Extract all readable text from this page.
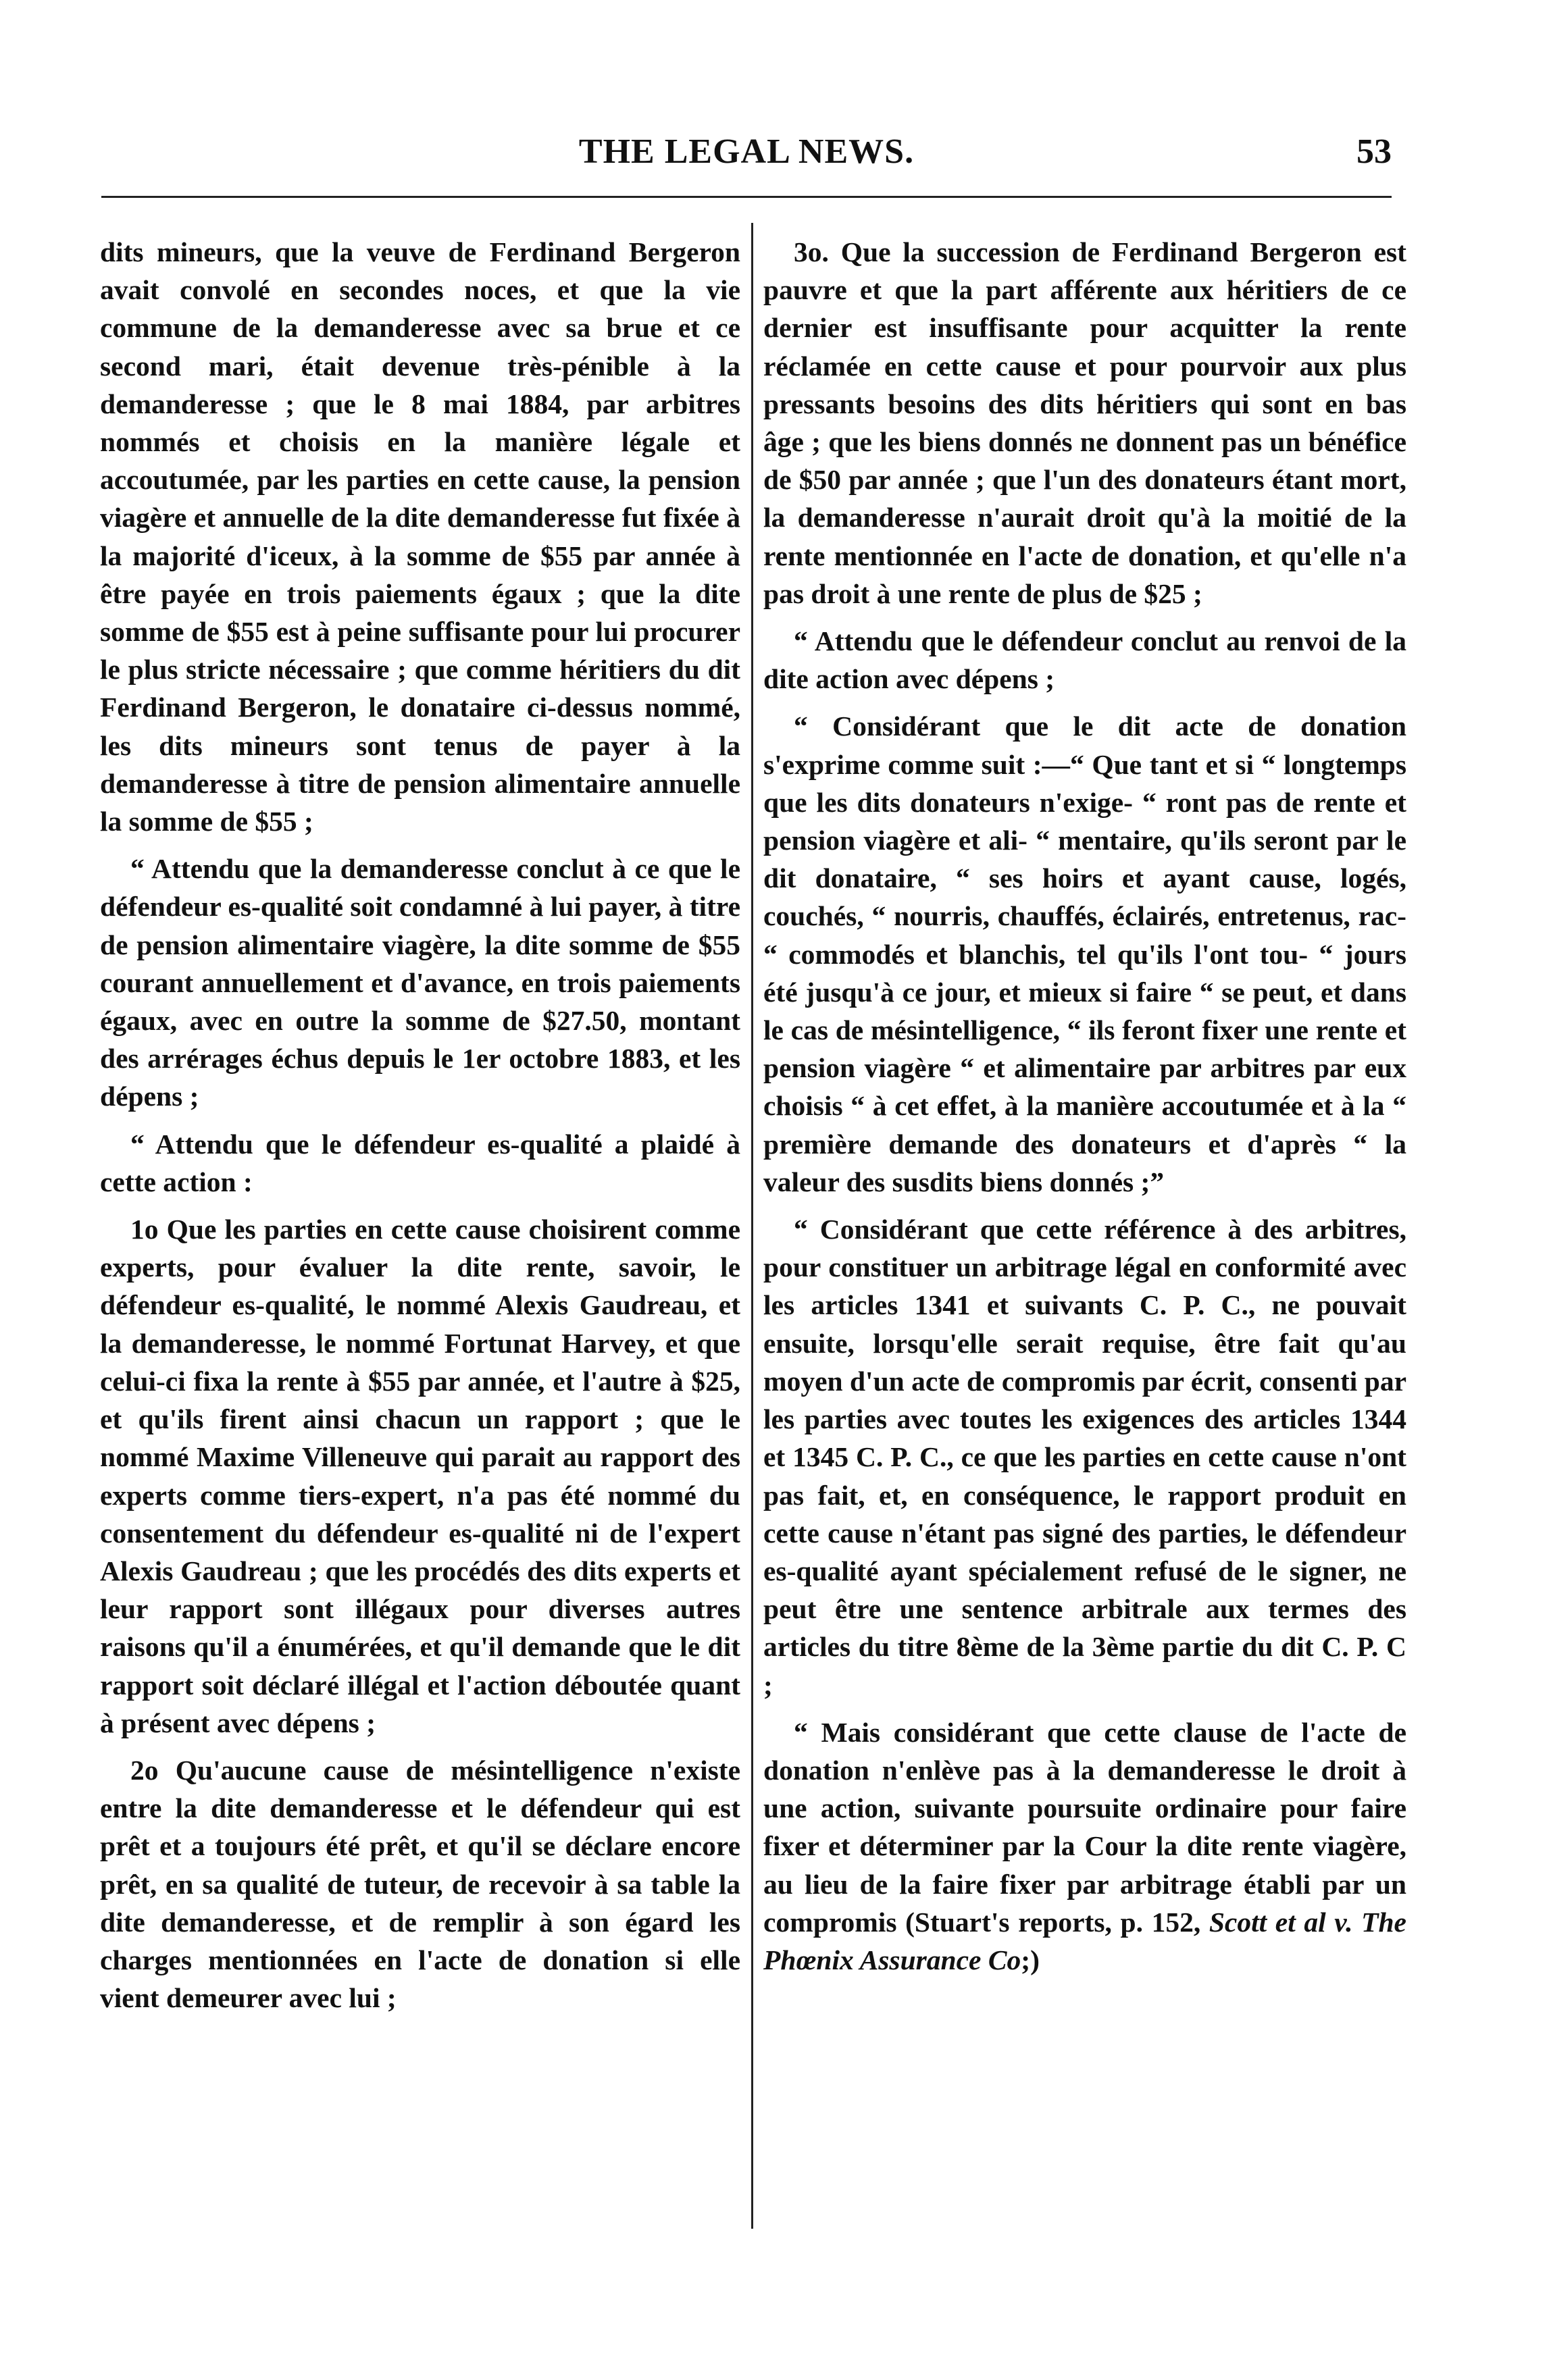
THE LEGAL NEWS.	53

dits mineurs, que la veuve de Ferdinand Bergeron avait convolé en secondes noces, et que la vie commune de la demanderesse avec sa brue et ce second mari, était devenue très-pénible à la demanderesse ; que le 8 mai 1884, par arbitres nommés et choisis en la manière légale et accoutumée, par les parties en cette cause, la pension viagère et annuelle de la dite demanderesse fut fixée à la majorité d'iceux, à la somme de $55 par année à être payée en trois paiements égaux ; que la dite somme de $55 est à peine suffisante pour lui procurer le plus stricte nécessaire ; que comme héritiers du dit Ferdinand Bergeron, le donataire ci-dessus nommé, les dits mineurs sont tenus de payer à la demanderesse à titre de pension alimentaire annuelle la somme de $55 ;

“ Attendu que la demanderesse conclut à ce que le défendeur es-qualité soit condamné à lui payer, à titre de pension alimentaire viagère, la dite somme de $55 courant annuellement et d'avance, en trois paiements égaux, avec en outre la somme de $27.50, montant des arrérages échus depuis le 1er octobre 1883, et les dépens ;

“ Attendu que le défendeur es-qualité a plaidé à cette action :

1o Que les parties en cette cause choisirent comme experts, pour évaluer la dite rente, savoir, le défendeur es-qualité, le nommé Alexis Gaudreau, et la demanderesse, le nommé Fortunat Harvey, et que celui-ci fixa la rente à $55 par année, et l'autre à $25, et qu'ils firent ainsi chacun un rapport ; que le nommé Maxime Villeneuve qui parait au rapport des experts comme tiers-expert, n'a pas été nommé du consentement du défendeur es-qualité ni de l'expert Alexis Gaudreau ; que les procédés des dits experts et leur rapport sont illégaux pour diverses autres raisons qu'il a énumérées, et qu'il demande que le dit rapport soit déclaré illégal et l'action déboutée quant à présent avec dépens ;

2o Qu'aucune cause de mésintelligence n'existe entre la dite demanderesse et le défendeur qui est prêt et a toujours été prêt, et qu'il se déclare encore prêt, en sa qualité de tuteur, de recevoir à sa table la dite demanderesse, et de remplir à son égard les charges mentionnées en l'acte de donation si elle vient demeurer avec lui ;

3o. Que la succession de Ferdinand Bergeron est pauvre et que la part afférente aux héritiers de ce dernier est insuffisante pour acquitter la rente réclamée en cette cause et pour pourvoir aux plus pressants besoins des dits héritiers qui sont en bas âge ; que les biens donnés ne donnent pas un bénéfice de $50 par année ; que l'un des donateurs étant mort, la demanderesse n'aurait droit qu'à la moitié de la rente mentionnée en l'acte de donation, et qu'elle n'a pas droit à une rente de plus de $25 ;

“ Attendu que le défendeur conclut au renvoi de la dite action avec dépens ;

“ Considérant que le dit acte de donation s'exprime comme suit :—“ Que tant et si “ longtemps que les dits donateurs n'exige- “ ront pas de rente et pension viagère et ali- “ mentaire, qu'ils seront par le dit donataire, “ ses hoirs et ayant cause, logés, couchés, “ nourris, chauffés, éclairés, entretenus, rac- “ commodés et blanchis, tel qu'ils l'ont tou- “ jours été jusqu'à ce jour, et mieux si faire “ se peut, et dans le cas de mésintelligence, “ ils feront fixer une rente et pension viagère “ et alimentaire par arbitres par eux choisis “ à cet effet, à la manière accoutumée et à la “ première demande des donateurs et d'après “ la valeur des susdits biens donnés ;”

“ Considérant que cette référence à des arbitres, pour constituer un arbitrage légal en conformité avec les articles 1341 et suivants C. P. C., ne pouvait ensuite, lorsqu'elle serait requise, être fait qu'au moyen d'un acte de compromis par écrit, consenti par les parties avec toutes les exigences des articles 1344 et 1345 C. P. C., ce que les parties en cette cause n'ont pas fait, et, en conséquence, le rapport produit en cette cause n'étant pas signé des parties, le défendeur es-qualité ayant spécialement refusé de le signer, ne peut être une sentence arbitrale aux termes des articles du titre 8ème de la 3ème partie du dit C. P. C ;

“ Mais considérant que cette clause de l'acte de donation n'enlève pas à la demanderesse le droit à une action, suivante poursuite ordinaire pour faire fixer et déterminer par la Cour la dite rente viagère, au lieu de la faire fixer par arbitrage établi par un compromis (Stuart's reports, p. 152, Scott et al v. The Phœnix Assurance Co;)
